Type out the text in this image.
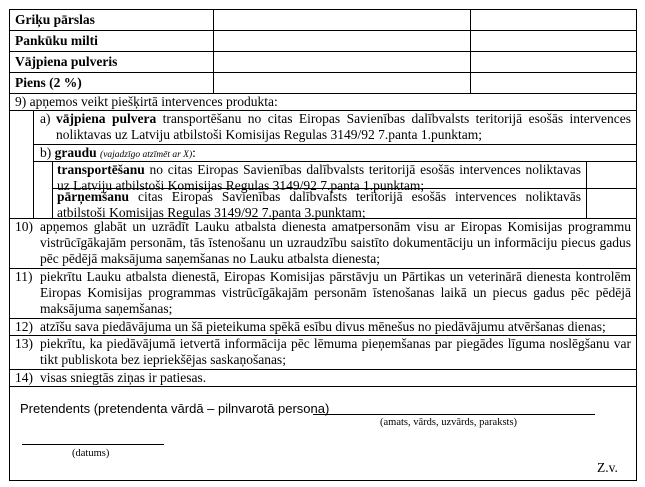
Griķu pārslas
Pankūku milti
Vājpiena pulveris
Piens (2 %)
9) apņemos veikt piešķirtā intervences produkta:
a) vājpiena pulvera transportēšanu no citas Eiropas Savienības dalībvalsts teritorijā esošās intervences noliktavas uz Latviju atbilstoši Komisijas Regulas 3149/92 7.panta 1.punktam;
b) graudu (vajadzīgo atzīmēt ar X):
transportēšanu no citas Eiropas Savienības dalībvalsts teritorijā esošās intervences noliktavas uz Latviju atbilstoši Komisijas Regulas 3149/92 7.panta 1.punktam;
pārņemšanu citas Eiropas Savienības dalībvalsts teritorijā esošās intervences noliktavās atbilstoši Komisijas Regulas 3149/92 7.panta 3.punktam;
10) apņemos glabāt un uzrādīt Lauku atbalsta dienesta amatpersonām visu ar Eiropas Komisijas programmu vistrūcīgākajām personām, tās īstenošanu un uzraudzību saistīto dokumentāciju un informāciju piecus gadus pēc pēdējā maksājuma saņemšanas no Lauku atbalsta dienesta;
11) piekrītu Lauku atbalsta dienestā, Eiropas Komisijas pārstāvju un Pārtikas un veterinārā dienesta kontrolēm Eiropas Komisijas programmas vistrūcīgākajām personām īstenošanas laikā un piecus gadus pēc pēdējā maksājuma saņemšanas;
12) atzīšu sava piedāvājuma un šā pieteikuma spēkā esību divus mēnešus no piedāvājumu atvēršanas dienas;
13) piekrītu, ka piedāvājumā ietvertā informācija pēc lēmuma pieņemšanas par piegādes līguma noslēgšanu var tikt publiskota bez iepriekšējas saskaņošanas;
14) visas sniegtās ziņas ir patiesas.
Pretendents (pretendenta vārdā – pilnvarotā persona)
(amats, vārds, uzvārds, paraksts)
(datums)
Z.v.
